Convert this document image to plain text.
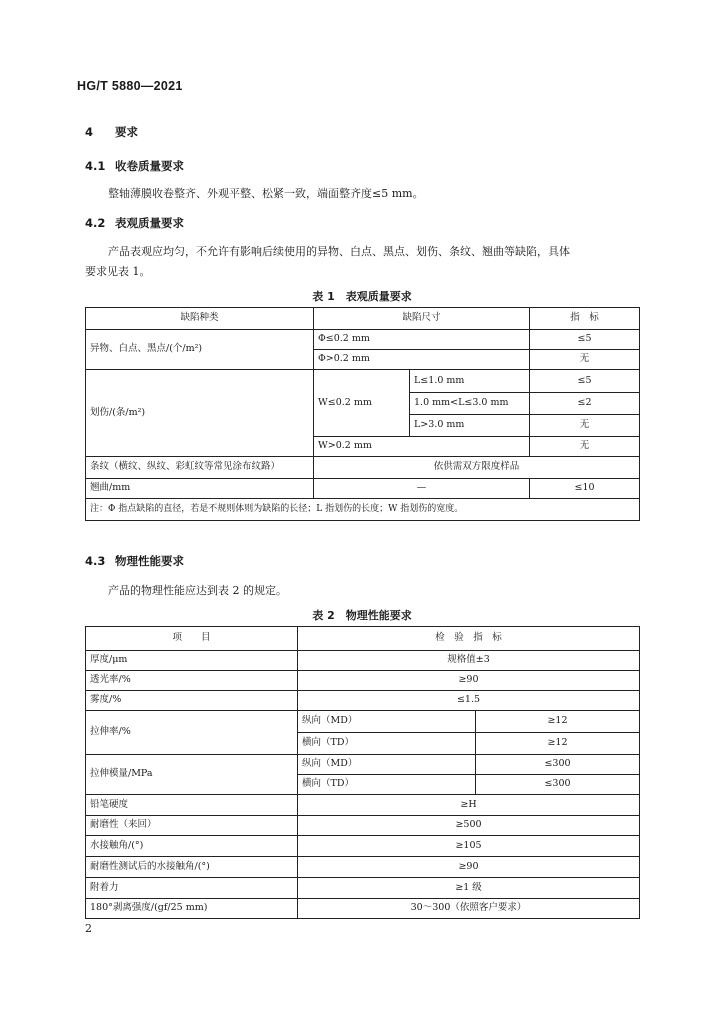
HG/T 5880—2021
4 要求
4.1 收卷质量要求
整轴薄膜收卷整齐、外观平整、松紧一致，端面整齐度≤5 mm。
4.2 表观质量要求
产品表观应均匀，不允许有影响后续使用的异物、白点、黑点、划伤、条纹、翘曲等缺陷，具体
要求见表 1。
表 1　表观质量要求
缺陷种类	缺陷尺寸		指　标
异物、白点、黑点/(个/m²)	Φ≤0.2 mm		≤5
	Φ>0.2 mm		无
划伤/(条/m²)	W≤0.2 mm	L≤1.0 mm	≤5
		1.0 mm<L≤3.0 mm	≤2
		L>3.0 mm	无
	W>0.2 mm		无
条纹（横纹、纵纹、彩虹纹等常见涂布纹路）	依供需双方限度样品		
翘曲/mm	—		≤10
注：Φ 指点缺陷的直径，若是不规则体则为缺陷的长径；L 指划伤的长度；W 指划伤的宽度。			
4.3 物理性能要求
产品的物理性能应达到表 2 的规定。
表 2　物理性能要求
项　　目	检　验　指　标	
厚度/μm	规格值±3	
透光率/%	≥90	
雾度/%	≤1.5	
拉伸率/%	纵向（MD）	≥12
	横向（TD）	≥12
拉伸模量/MPa	纵向（MD）	≤300
	横向（TD）	≤300
铅笔硬度	≥H	
耐磨性（来回）	≥500	
水接触角/(°)	≥105	
耐磨性测试后的水接触角/(°)	≥90	
附着力	≥1 级	
180°剥离强度/(gf/25 mm)	30～300（依照客户要求）	
2
